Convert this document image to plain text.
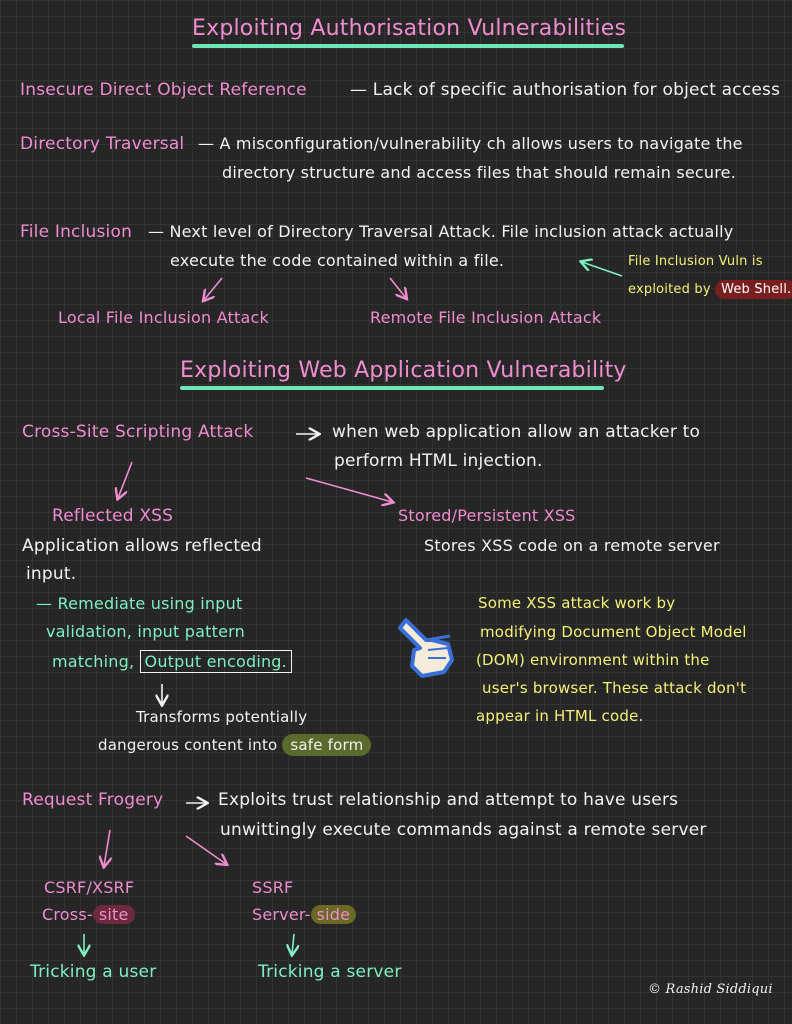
Exploiting Authorisation Vulnerabilities
Insecure Direct Object Reference	— Lack of specific authorisation for object access
Directory Traversal — A misconfiguration/vulnerability ch allows users to navigate the
directory structure and access files that should remain secure.
File Inclusion — Next level of Directory Traversal Attack. File inclusion attack actually
execute the code contained within a file.	File Inclusion Vuln is
exploited by Web Shell.
Local File Inclusion Attack	Remote File Inclusion Attack
Exploiting Web Application Vulnerability
Cross-Site Scripting Attack	when web application allow an attacker to
perform HTML injection.
Reflected XSS
Application allows reflected
input.
Stored/Persistent XSS
Stores XSS code on a remote server
— Remediate using input
validation, input pattern
matching, Output encoding.
Transforms potentially
dangerous content into safe form
Some XSS attack work by
modifying Document Object Model
(DOM) environment within the
user's browser. These attack don't
appear in HTML code.
Request Frogery	Exploits trust relationship and attempt to have users
unwittingly execute commands against a remote server
CSRF/XSRF
Cross- site
Tricking a user
SSRF
Server- side
Tricking a server
© Rashid Siddiqui
